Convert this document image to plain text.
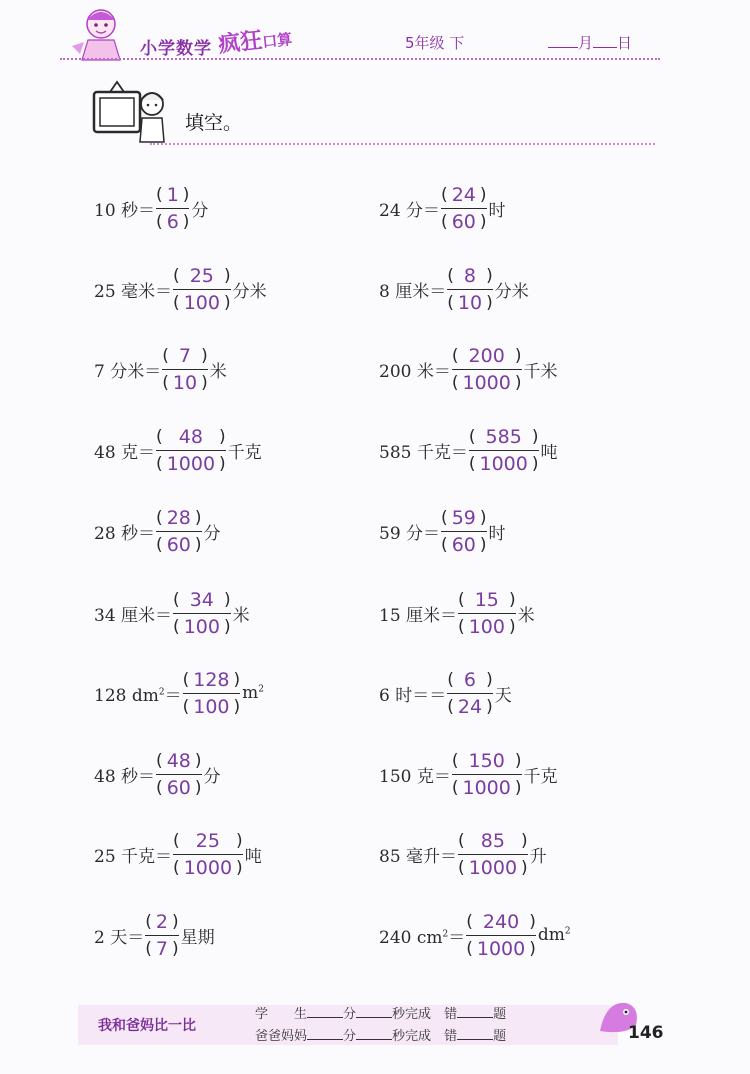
小学数学 疯狂口算	5年级 下	月 日
填空。
10 秒＝ $\frac{( 1 )}{( 6 )}$ 分	24 分＝ $\frac{( 24 )}{( 60 )}$ 时
25 毫米＝ $\frac{( 25 )}{( 100 )}$ 分米	8 厘米＝ $\frac{( 8 )}{( 10 )}$ 分米
7 分米＝ $\frac{( 7 )}{( 10 )}$ 米	200 米＝ $\frac{( 200 )}{( 1000 )}$ 千米
48 克＝ $\frac{( 48 )}{( 1000 )}$ 千克	585 千克＝ $\frac{( 585 )}{( 1000 )}$ 吨
28 秒＝ $\frac{( 28 )}{( 60 )}$ 分	59 分＝ $\frac{( 59 )}{( 60 )}$ 时
34 厘米＝ $\frac{( 34 )}{( 100 )}$ 米	15 厘米＝ $\frac{( 15 )}{( 100 )}$ 米
128 $dm^2= \frac{( 128 )}{( 100 )} m^2$	6 时＝＝ $\frac{( 6 )}{( 24 )}$ 天
48 秒＝ $\frac{( 48 )}{( 60 )}$ 分	150 克＝ $\frac{( 150 )}{( 1000 )}$ 千克
25 千克＝ $\frac{( 25 )}{( 1000 )}$ 吨	85 毫升＝ $\frac{( 85 )}{( 1000 )}$ 升
2 天＝ $\frac{( 2 )}{( 7 )}$ 星期	240 $cm^2= \frac{( 240 )}{( 1000 )} dm^2$
我和爸妈比一比
学　　生	分	秒完成　 错	题
爸爸妈妈	分	秒完成　 错	题	146
